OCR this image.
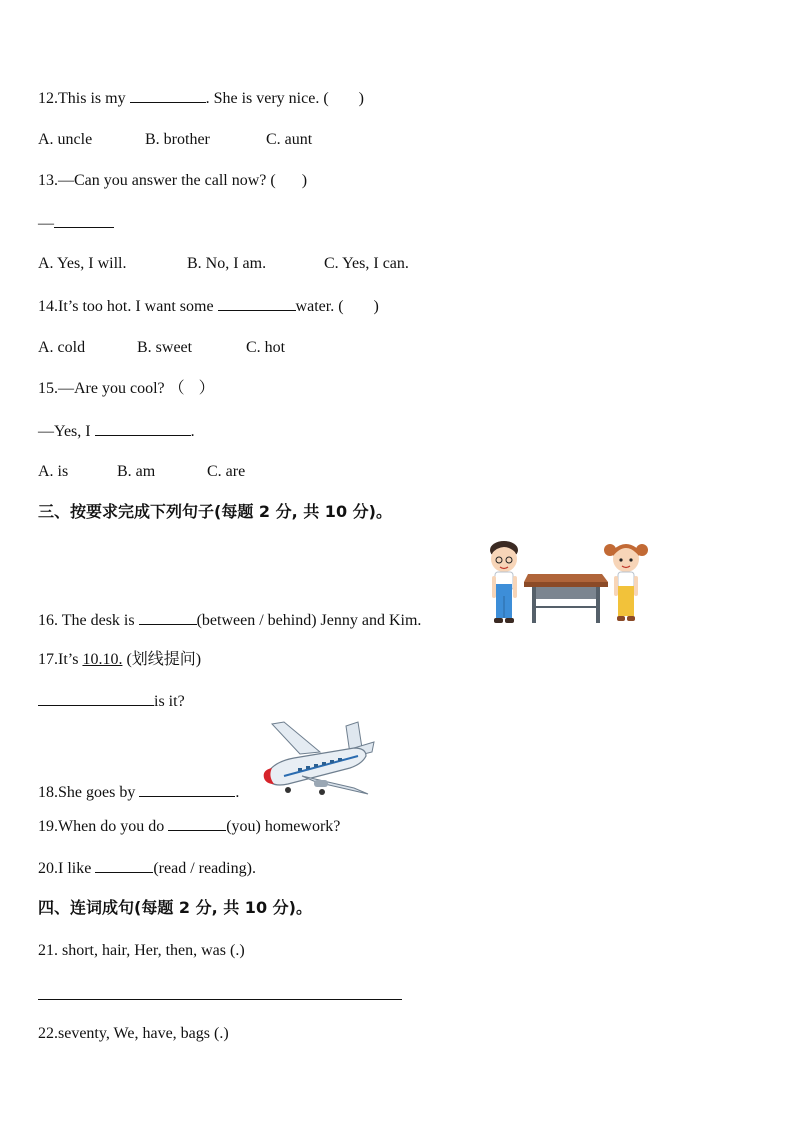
12.This is my	. She is very nice. ( )
A. uncle	B. brother	C. aunt
13.—Can you answer the call now? ( )
—
A. Yes, I will.	B. No, I am.	C. Yes, I can.
14.It’s too hot. I want some	water. ( )
A. cold	B. sweet	C. hot
15.—Are you cool? （ ）
—Yes, I	.
A. is	B. am	C. are
三、按要求完成下列句子(每题 2 分, 共 10 分)。
16. The desk is	(between / behind) Jenny and Kim.
17.It’s 10.10. (划线提问)
is it?
18.She goes by	.
19.When do you do	(you) homework?
20.I like	(read / reading).
四、连词成句(每题 2 分, 共 10 分)。
21. short, hair, Her, then, was (.)
22.seventy, We, have, bags (.)
